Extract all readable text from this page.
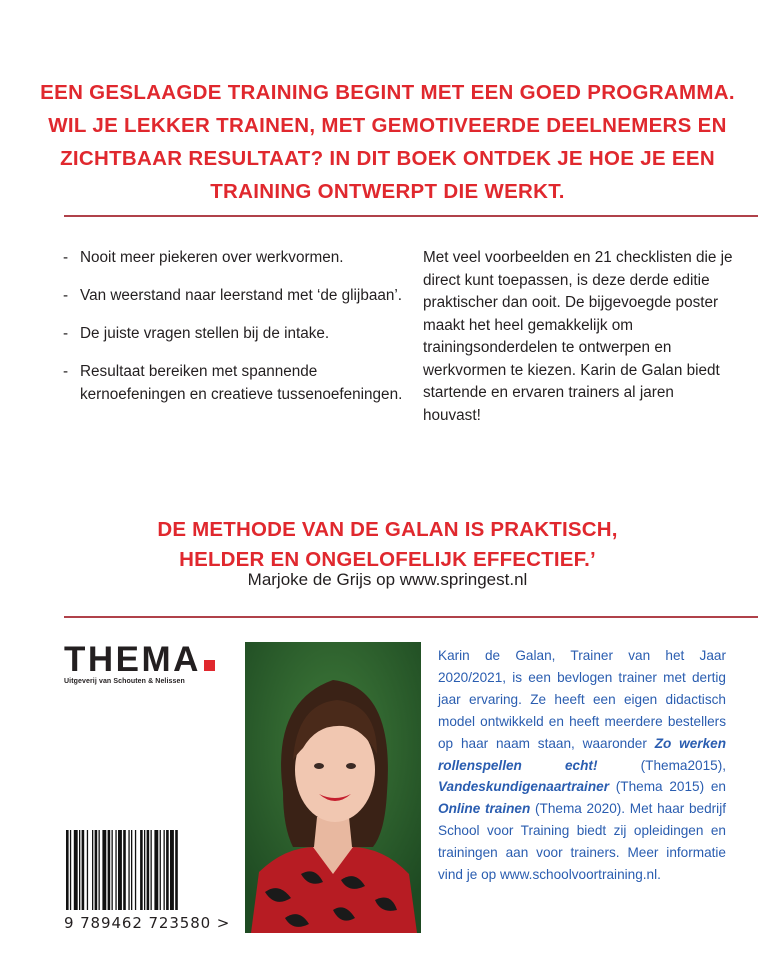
EEN GESLAAGDE TRAINING BEGINT MET EEN GOED PROGRAMMA.
WIL JE LEKKER TRAINEN, MET GEMOTIVEERDE DEELNEMERS EN
ZICHTBAAR RESULTAAT? IN DIT BOEK ONTDEK JE HOE JE EEN
TRAINING ONTWERPT DIE WERKT.
- Nooit meer piekeren over werkvormen.
- Van weerstand naar leerstand met ‘de glijbaan’.
- De juiste vragen stellen bij de intake.
- Resultaat bereiken met spannende kernoefeningen en creatieve tussenoefeningen.
Met veel voorbeelden en 21 checklisten die je direct kunt toepassen, is deze derde editie praktischer dan ooit. De bijgevoegde poster maakt het heel gemakkelijk om trainingsonderdelen te ontwerpen en werkvormen te kiezen. Karin de Galan biedt startende en ervaren trainers al jaren houvast!
DE METHODE VAN DE GALAN IS PRAKTISCH,
HELDER EN ONGELOFELIJK EFFECTIEF.’
Marjoke de Grijs op www.springest.nl
THEMA
Uitgeverij van Schouten & Nelissen
Karin de Galan, Trainer van het Jaar 2020/2021, is een bevlogen trainer met dertig jaar ervaring. Ze heeft een eigen didactisch model ontwikkeld en heeft meerdere bestellers op haar naam staan, waaronder Zo werken rollenspellen echt! (Thema2015), Vandeskundigenaartrainer (Thema 2015) en Online trainen (Thema 2020). Met haar bedrijf School voor Training biedt zij opleidingen en trainingen aan voor trainers. Meer informatie vind je op www.schoolvoortraining.nl.
9 789462 723580 >
